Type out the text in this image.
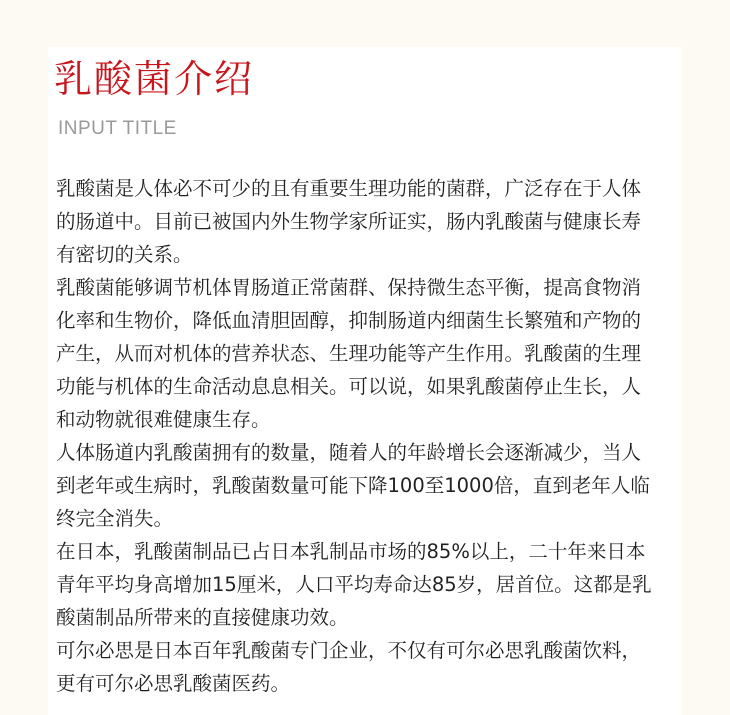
乳酸菌介绍
INPUT TITLE

乳酸菌是人体必不可少的且有重要生理功能的菌群，广泛存在于人体的肠道中。目前已被国内外生物学家所证实，肠内乳酸菌与健康长寿有密切的关系。

乳酸菌能够调节机体胃肠道正常菌群、保持微生态平衡，提高食物消化率和生物价，降低血清胆固醇，抑制肠道内细菌生长繁殖和产物的产生，从而对机体的营养状态、生理功能等产生作用。乳酸菌的生理功能与机体的生命活动息息相关。可以说，如果乳酸菌停止生长，人和动物就很难健康生存。

人体肠道内乳酸菌拥有的数量，随着人的年龄增长会逐渐减少，当人到老年或生病时，乳酸菌数量可能下降100至1000倍，直到老年人临终完全消失。

在日本，乳酸菌制品已占日本乳制品市场的85%以上，二十年来日本青年平均身高增加15厘米，人口平均寿命达85岁，居首位。这都是乳酸菌制品所带来的直接健康功效。

可尔必思是日本百年乳酸菌专门企业，不仅有可尔必思乳酸菌饮料，更有可尔必思乳酸菌医药。
